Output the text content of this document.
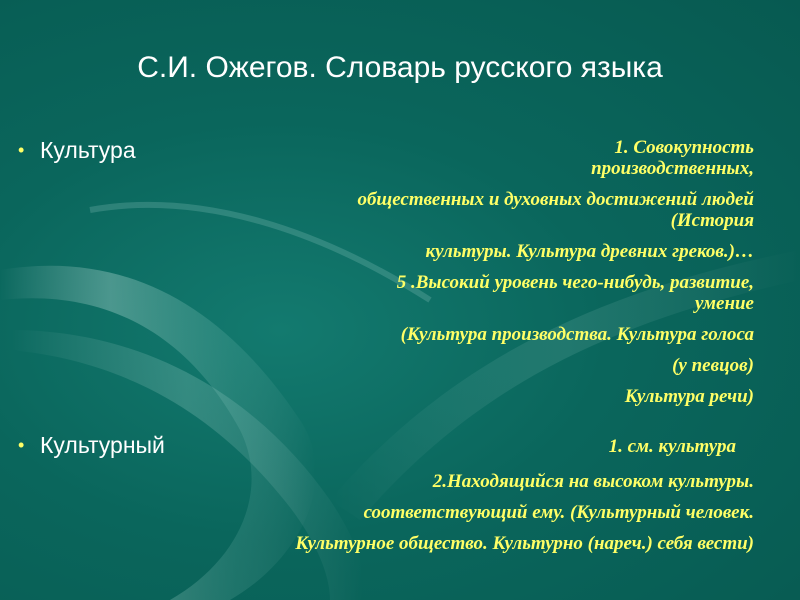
С.И. Ожегов. Словарь русского языка
• Культура	1. Совокупность производственных,

общественных и духовных достижений людей (История

культуры. Культура древних греков.)…

5 .Высокий уровень чего-нибудь, развитие, умение

(Культура производства. Культура голоса

(у певцов)

Культура речи)

• Культурный	1. см. культура

2.Находящийся на высоком культуры.

соответствующий ему. (Культурный человек.

Культурное общество. Культурно (нареч.) себя вести)
